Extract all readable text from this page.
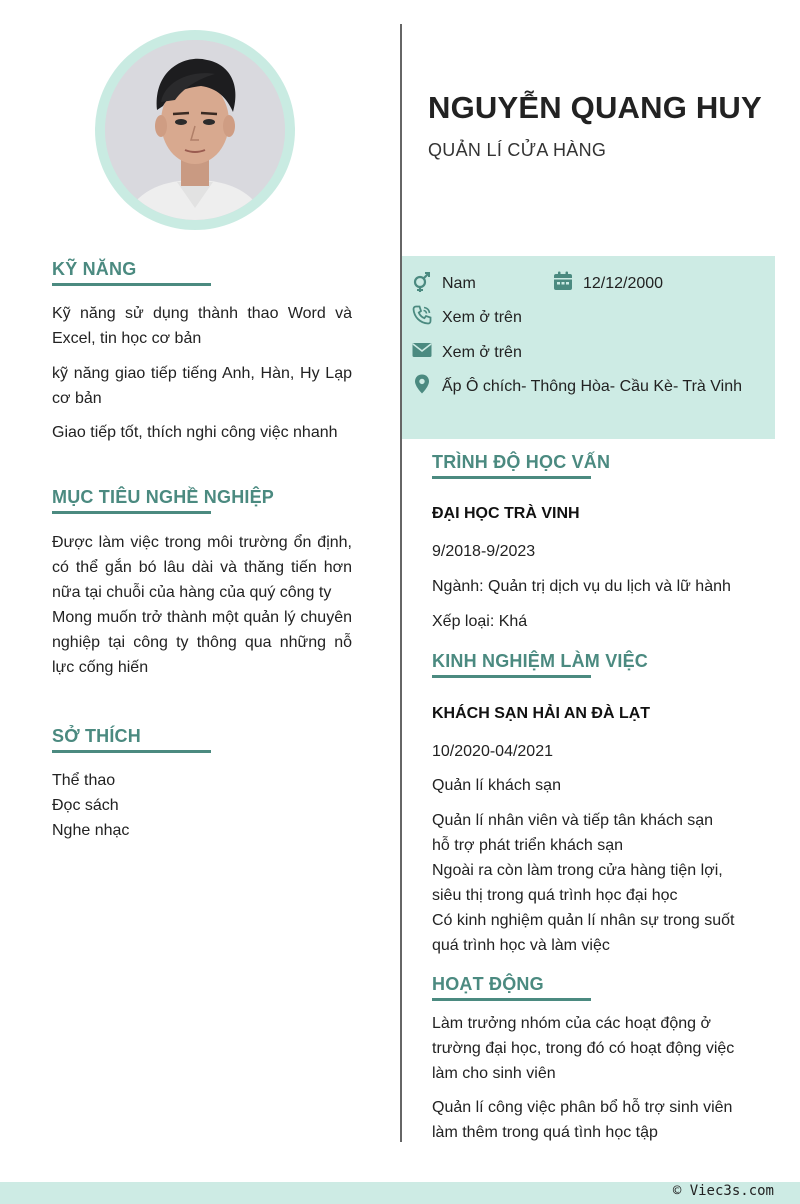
KỸ NĂNG
Kỹ năng sử dụng thành thao Word và Excel, tin học cơ bản
kỹ năng giao tiếp tiếng Anh, Hàn, Hy Lạp cơ bản
Giao tiếp tốt, thích nghi công việc nhanh
MỤC TIÊU NGHỀ NGHIỆP
Được làm việc trong môi trường ổn định, có thể gắn bó lâu dài và thăng tiến hơn nữa tại chuỗi của hàng của quý công ty
Mong muốn trở thành một quản lý chuyên nghiệp tại công ty thông qua những nỗ lực cống hiến
SỞ THÍCH
Thể thao
Đọc sách
Nghe nhạc
NGUYỄN QUANG HUY
QUẢN LÍ CỬA HÀNG
Nam	12/12/2000
Xem ở trên
Xem ở trên
Ấp Ô chích- Thông Hòa- Cầu Kè- Trà Vinh
TRÌNH ĐỘ HỌC VẤN
ĐẠI HỌC TRÀ VINH
9/2018-9/2023
Ngành: Quản trị dịch vụ du lịch và lữ hành
Xếp loại: Khá
KINH NGHIỆM LÀM VIỆC
KHÁCH SẠN HẢI AN ĐÀ LẠT
10/2020-04/2021
Quản lí khách sạn
Quản lí nhân viên và tiếp tân khách sạn
hỗ trợ phát triển khách sạn
Ngoài ra còn làm trong cửa hàng tiện lợi, siêu thị trong quá trình học đại học
Có kinh nghiệm quản lí nhân sự trong suốt quá trình học và làm việc
HOẠT ĐỘNG
Làm trưởng nhóm của các hoạt động ở trường đại học, trong đó có hoạt động việc làm cho sinh viên
Quản lí công việc phân bổ hỗ trợ sinh viên làm thêm trong quá tình học tập
© Viec3s.com
